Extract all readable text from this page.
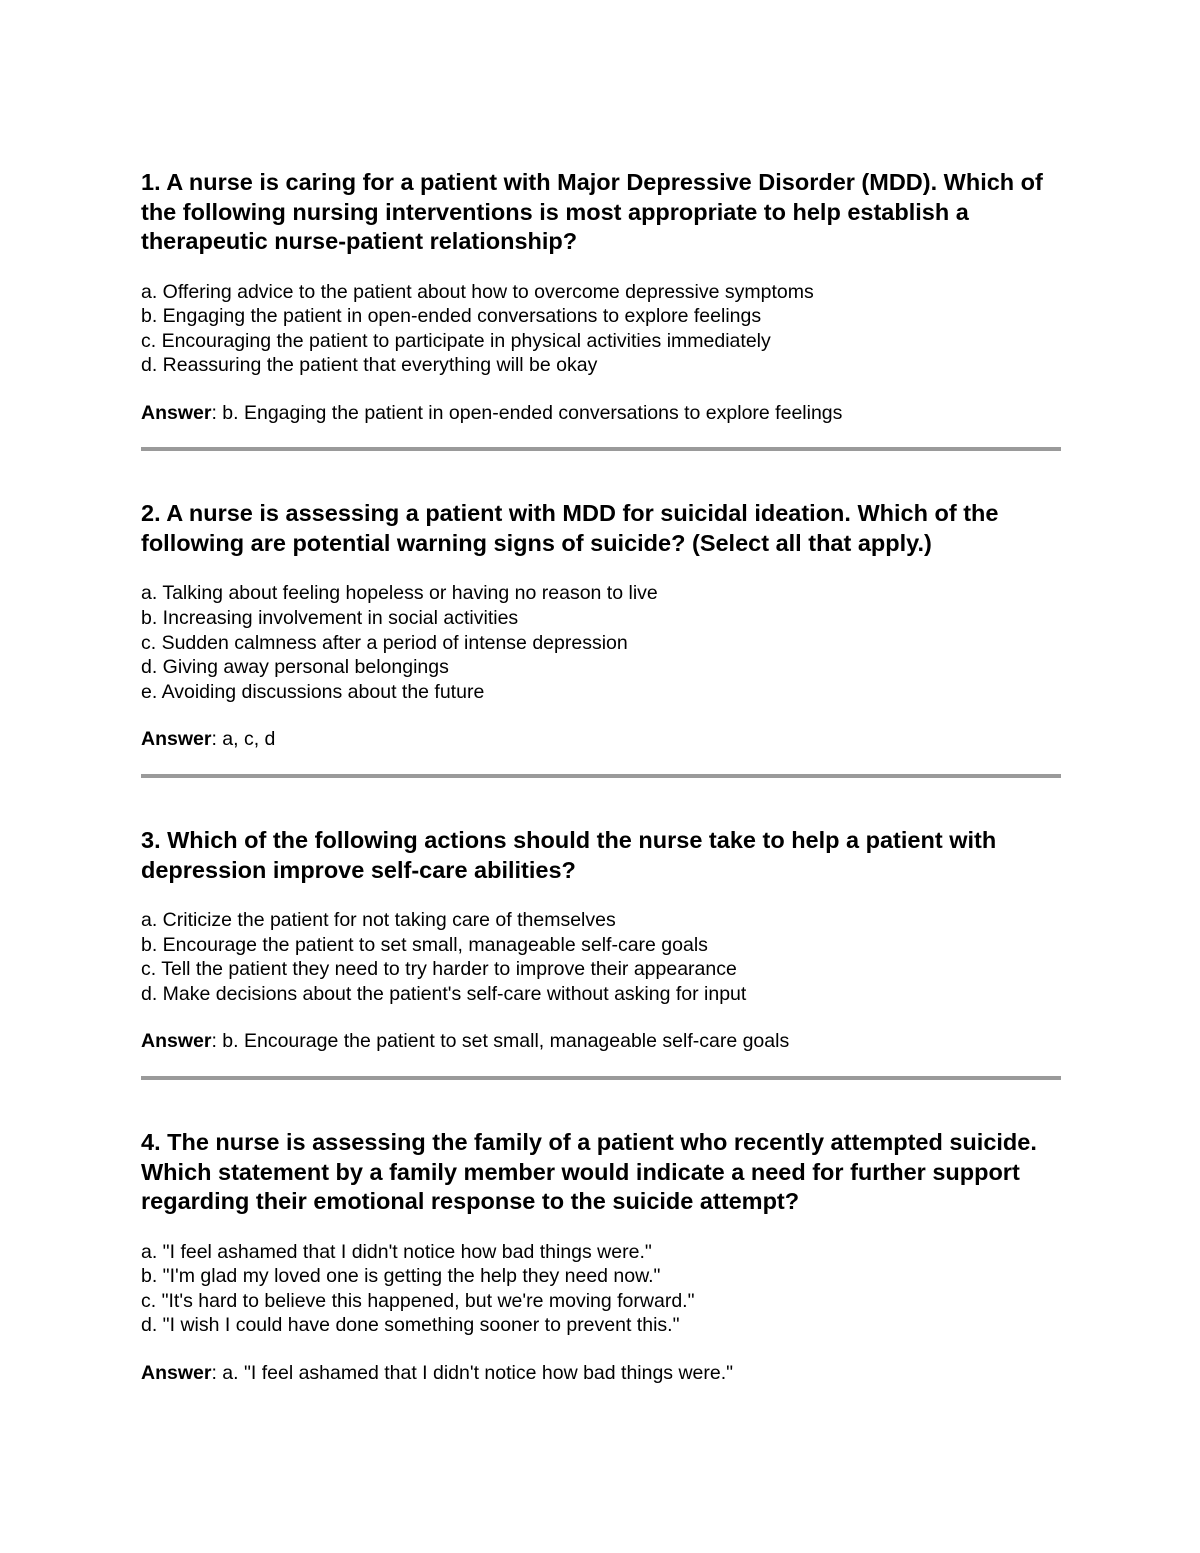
1. A nurse is caring for a patient with Major Depressive Disorder (MDD). Which of the following nursing interventions is most appropriate to help establish a therapeutic nurse-patient relationship?

a. Offering advice to the patient about how to overcome depressive symptoms
b. Engaging the patient in open-ended conversations to explore feelings
c. Encouraging the patient to participate in physical activities immediately
d. Reassuring the patient that everything will be okay

Answer: b. Engaging the patient in open-ended conversations to explore feelings

2. A nurse is assessing a patient with MDD for suicidal ideation. Which of the following are potential warning signs of suicide? (Select all that apply.)

a. Talking about feeling hopeless or having no reason to live
b. Increasing involvement in social activities
c. Sudden calmness after a period of intense depression
d. Giving away personal belongings
e. Avoiding discussions about the future

Answer: a, c, d

3. Which of the following actions should the nurse take to help a patient with depression improve self-care abilities?

a. Criticize the patient for not taking care of themselves
b. Encourage the patient to set small, manageable self-care goals
c. Tell the patient they need to try harder to improve their appearance
d. Make decisions about the patient's self-care without asking for input

Answer: b. Encourage the patient to set small, manageable self-care goals

4. The nurse is assessing the family of a patient who recently attempted suicide. Which statement by a family member would indicate a need for further support regarding their emotional response to the suicide attempt?

a. "I feel ashamed that I didn't notice how bad things were."
b. "I'm glad my loved one is getting the help they need now."
c. "It's hard to believe this happened, but we're moving forward."
d. "I wish I could have done something sooner to prevent this."

Answer: a. "I feel ashamed that I didn't notice how bad things were."
